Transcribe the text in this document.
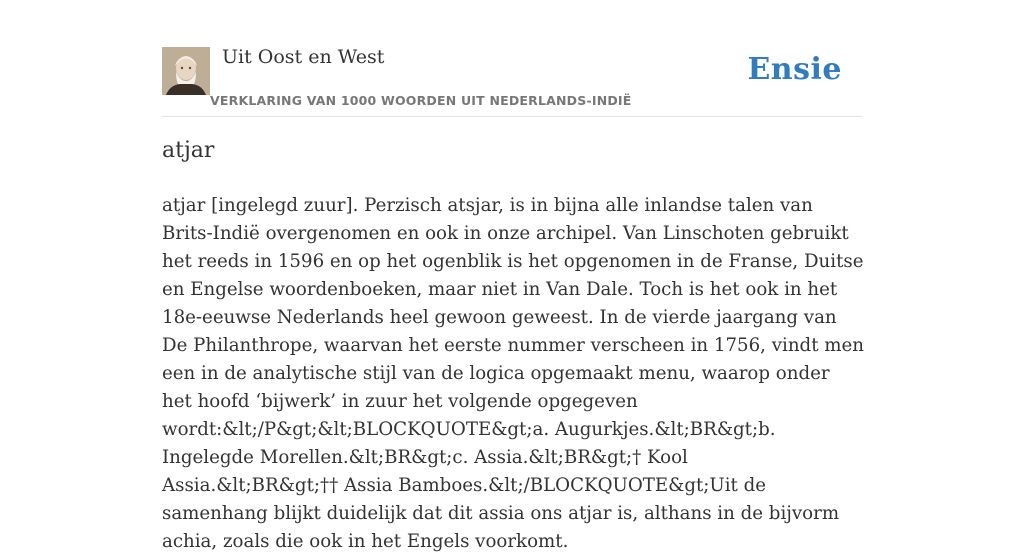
Uit Oost en West
VERKLARING VAN 1000 WOORDEN UIT NEDERLANDS-INDIË
Ensie
atjar

atjar [ingelegd zuur]. Perzisch atsjar, is in bijna alle inlandse talen van Brits-Indië overgenomen en ook in onze archipel. Van Linschoten gebruikt het reeds in 1596 en op het ogenblik is het opgenomen in de Franse, Duitse en Engelse woordenboeken, maar niet in Van Dale. Toch is het ook in het 18e-eeuwse Nederlands heel gewoon geweest. In de vierde jaargang van De Philanthrope, waarvan het eerste nummer verscheen in 1756, vindt men een in de analytische stijl van de logica opgemaakt menu, waarop onder het hoofd ‘bijwerk’ in zuur het volgende opgegeven wordt:&lt;/P&gt;&lt;BLOCKQUOTE&gt;a. Augurkjes.&lt;BR&gt;b. Ingelegde Morellen.&lt;BR&gt;c. Assia.&lt;BR&gt;† Kool Assia.&lt;BR&gt;†† Assia Bamboes.&lt;/BLOCKQUOTE&gt;Uit de samenhang blijkt duidelijk dat dit assia ons atjar is, althans in de bijvorm achia, zoals die ook in het Engels voorkomt.
